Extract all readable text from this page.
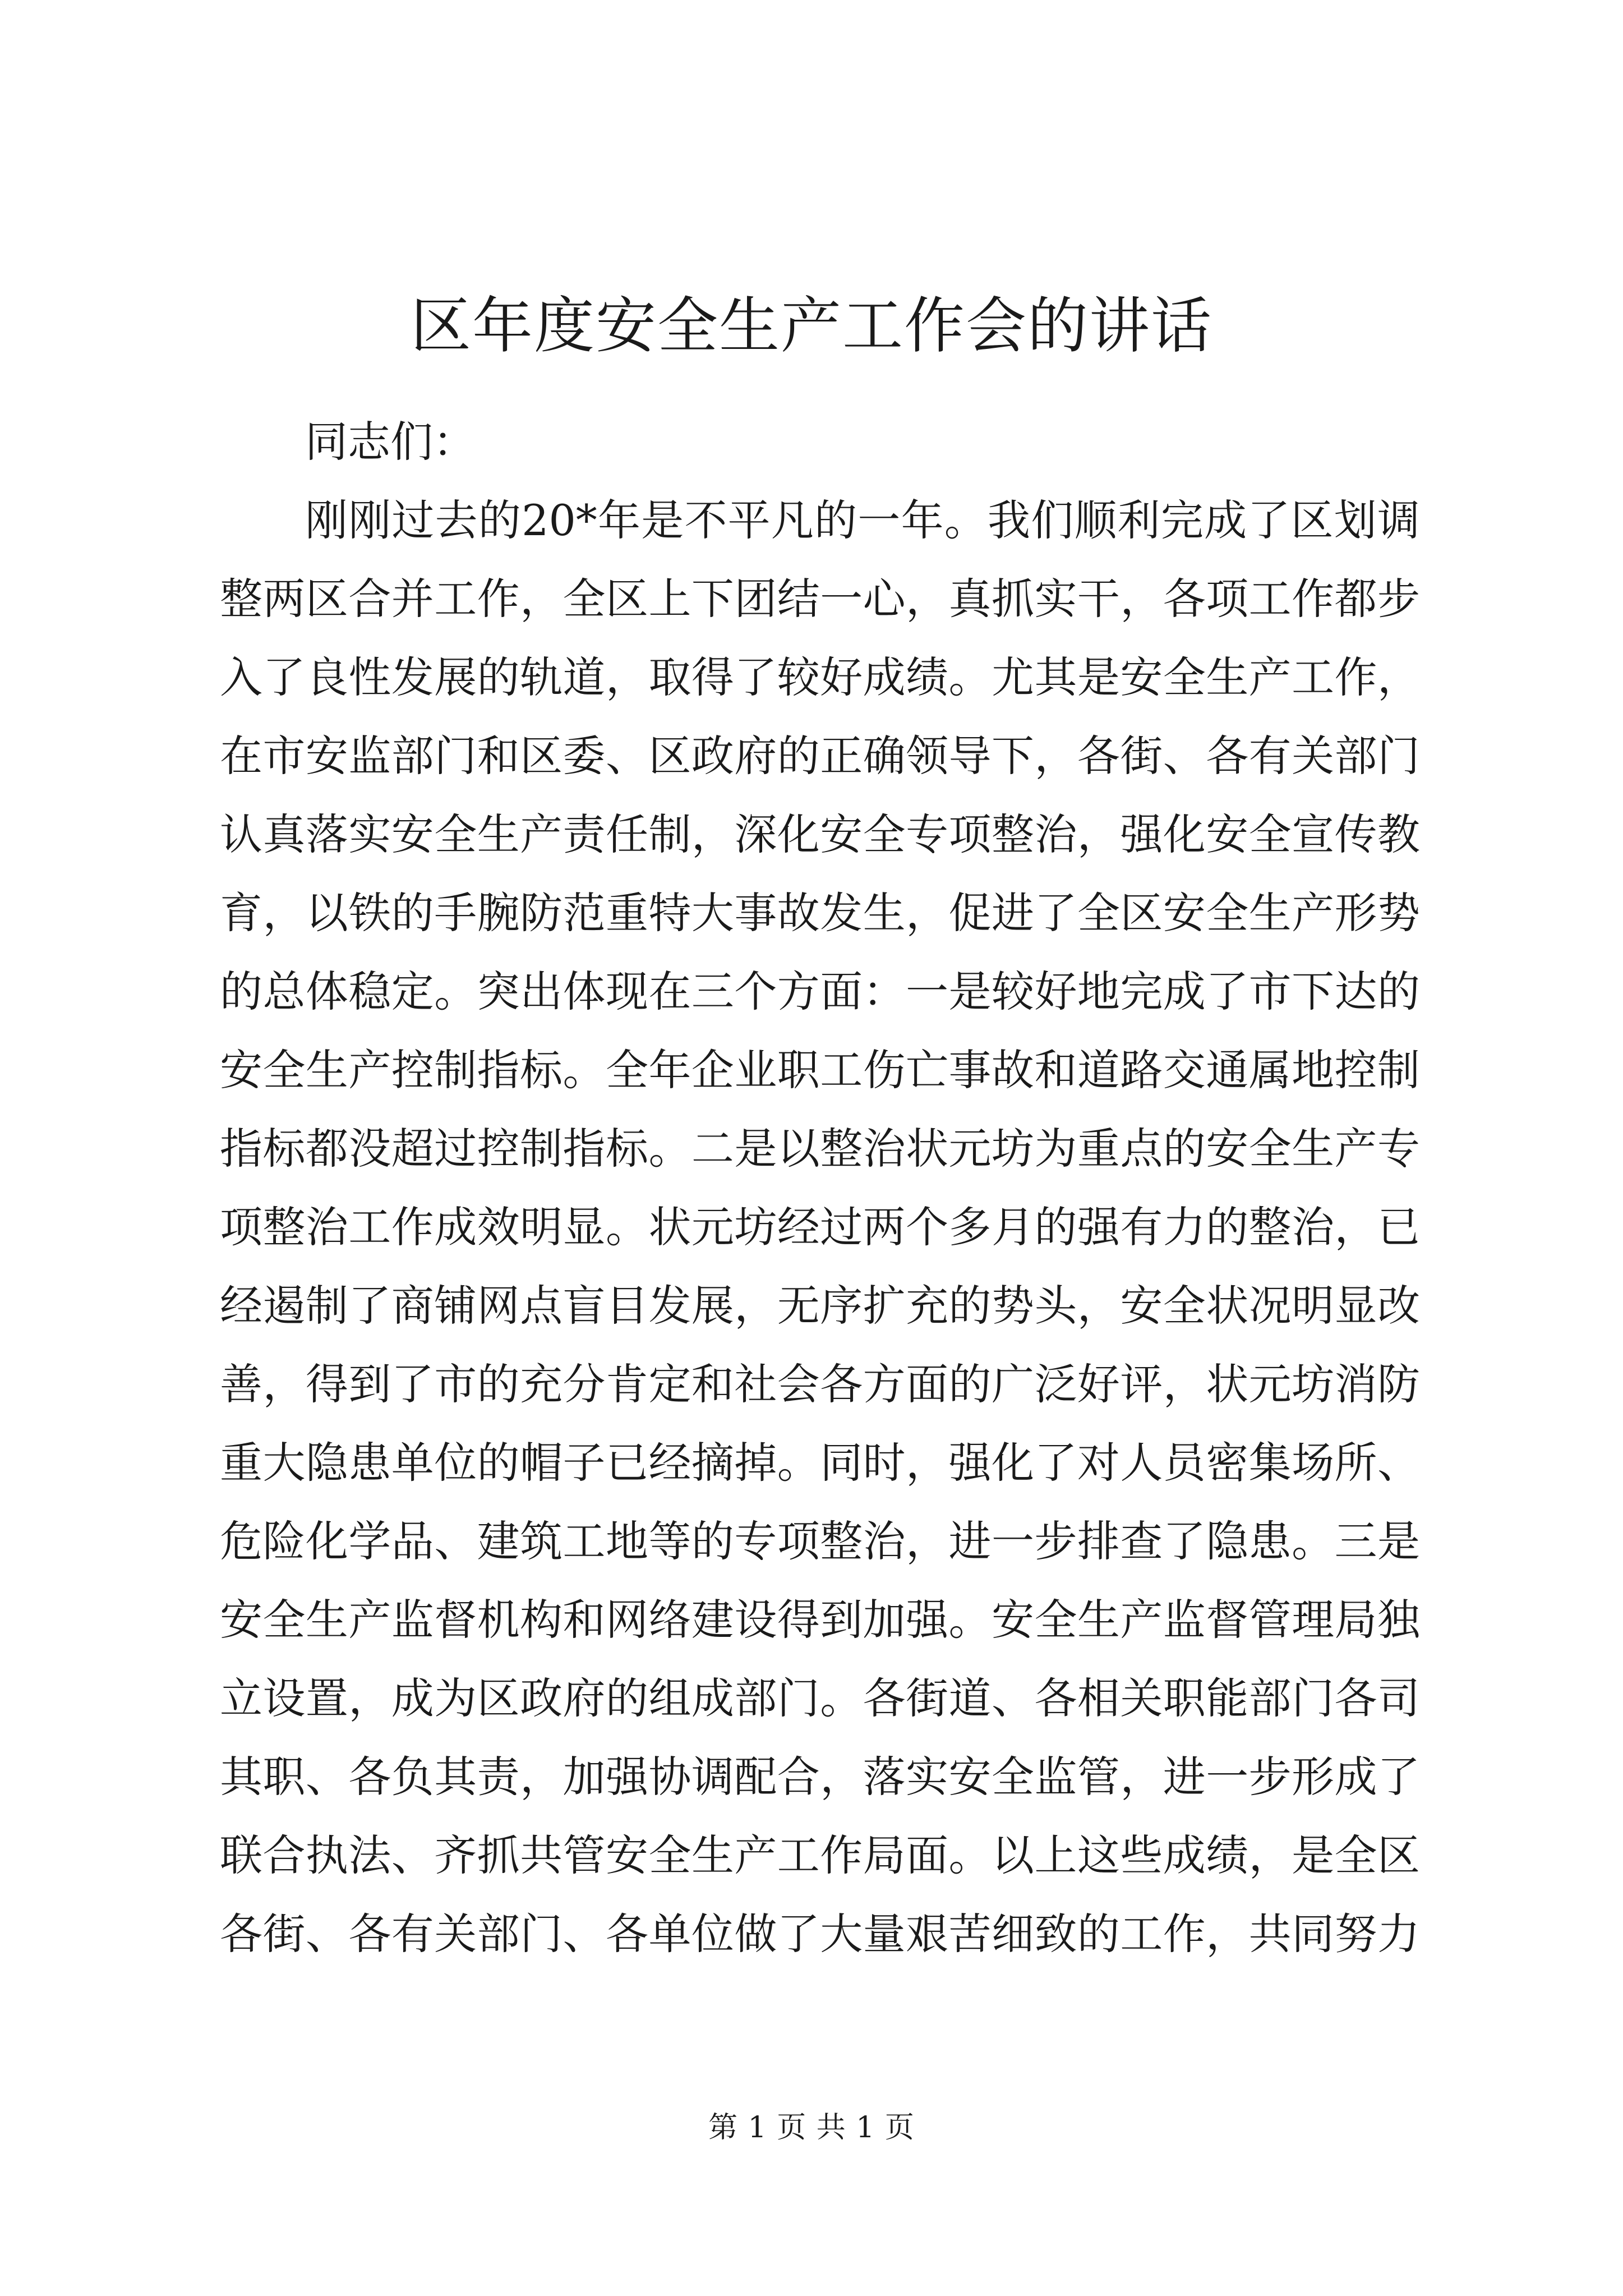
区年度安全生产工作会的讲话
同志们：
刚刚过去的20*年是不平凡的一年。我们顺利完成了区划调
整两区合并工作，全区上下团结一心，真抓实干，各项工作都步
入了良性发展的轨道，取得了较好成绩。尤其是安全生产工作，
在市安监部门和区委、区政府的正确领导下，各街、各有关部门
认真落实安全生产责任制，深化安全专项整治，强化安全宣传教
育，以铁的手腕防范重特大事故发生，促进了全区安全生产形势
的总体稳定。突出体现在三个方面：一是较好地完成了市下达的
安全生产控制指标。全年企业职工伤亡事故和道路交通属地控制
指标都没超过控制指标。二是以整治状元坊为重点的安全生产专
项整治工作成效明显。状元坊经过两个多月的强有力的整治，已
经遏制了商铺网点盲目发展，无序扩充的势头，安全状况明显改
善，得到了市的充分肯定和社会各方面的广泛好评，状元坊消防
重大隐患单位的帽子已经摘掉。同时，强化了对人员密集场所、
危险化学品、建筑工地等的专项整治，进一步排查了隐患。三是
安全生产监督机构和网络建设得到加强。安全生产监督管理局独
立设置，成为区政府的组成部门。各街道、各相关职能部门各司
其职、各负其责，加强协调配合，落实安全监管，进一步形成了
联合执法、齐抓共管安全生产工作局面。以上这些成绩，是全区
各街、各有关部门、各单位做了大量艰苦细致的工作，共同努力
第 1 页 共 1 页
